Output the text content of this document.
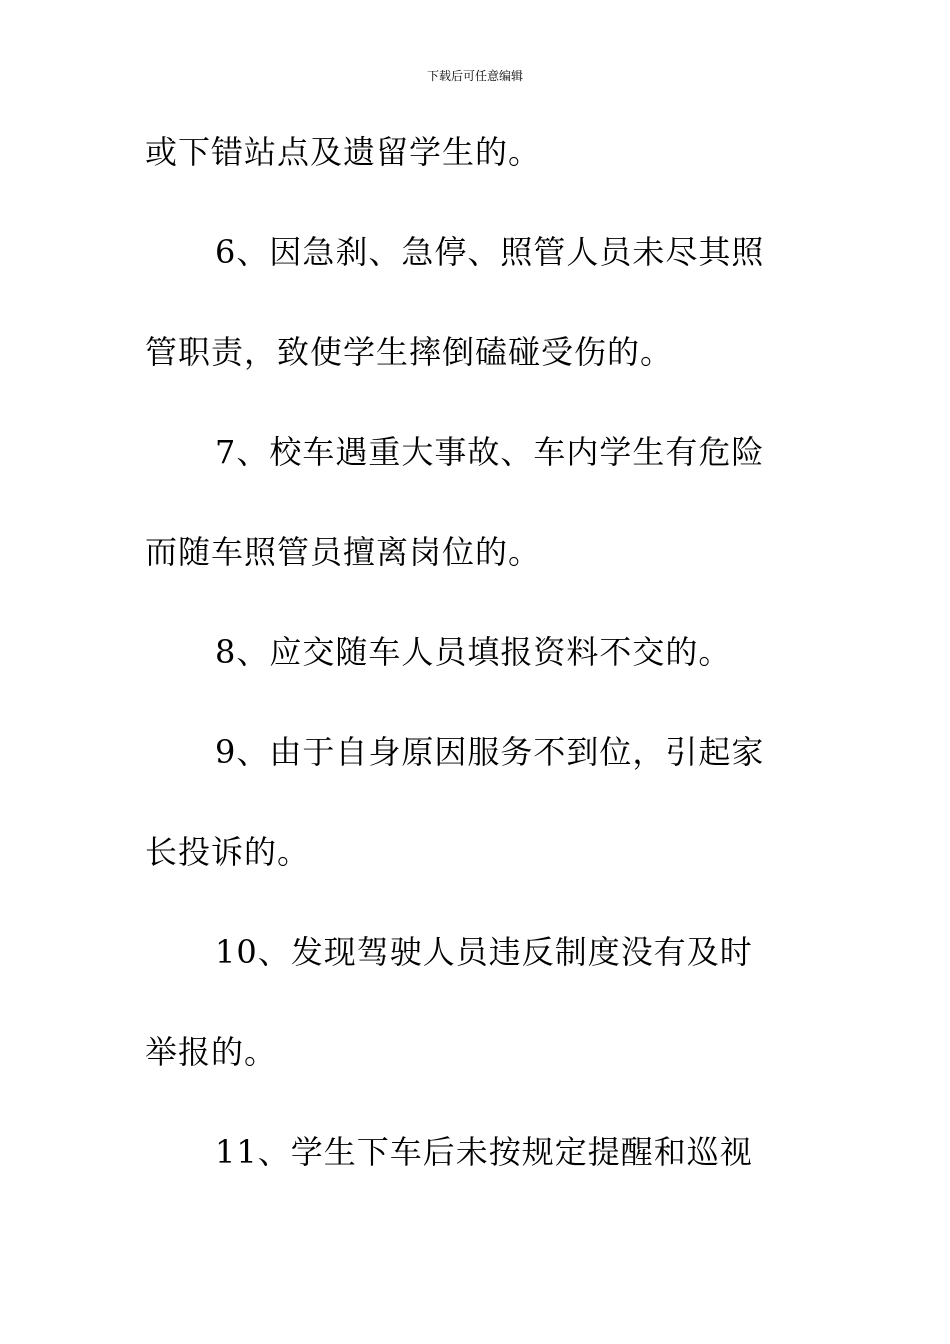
下载后可任意编辑
或下错站点及遗留学生的。
6、因急刹、急停、照管人员未尽其照
管职责，致使学生摔倒磕碰受伤的。
7、校车遇重大事故、车内学生有危险
而随车照管员擅离岗位的。
8、应交随车人员填报资料不交的。
9、由于自身原因服务不到位，引起家
长投诉的。
10、发现驾驶人员违反制度没有及时
举报的。
11、学生下车后未按规定提醒和巡视
